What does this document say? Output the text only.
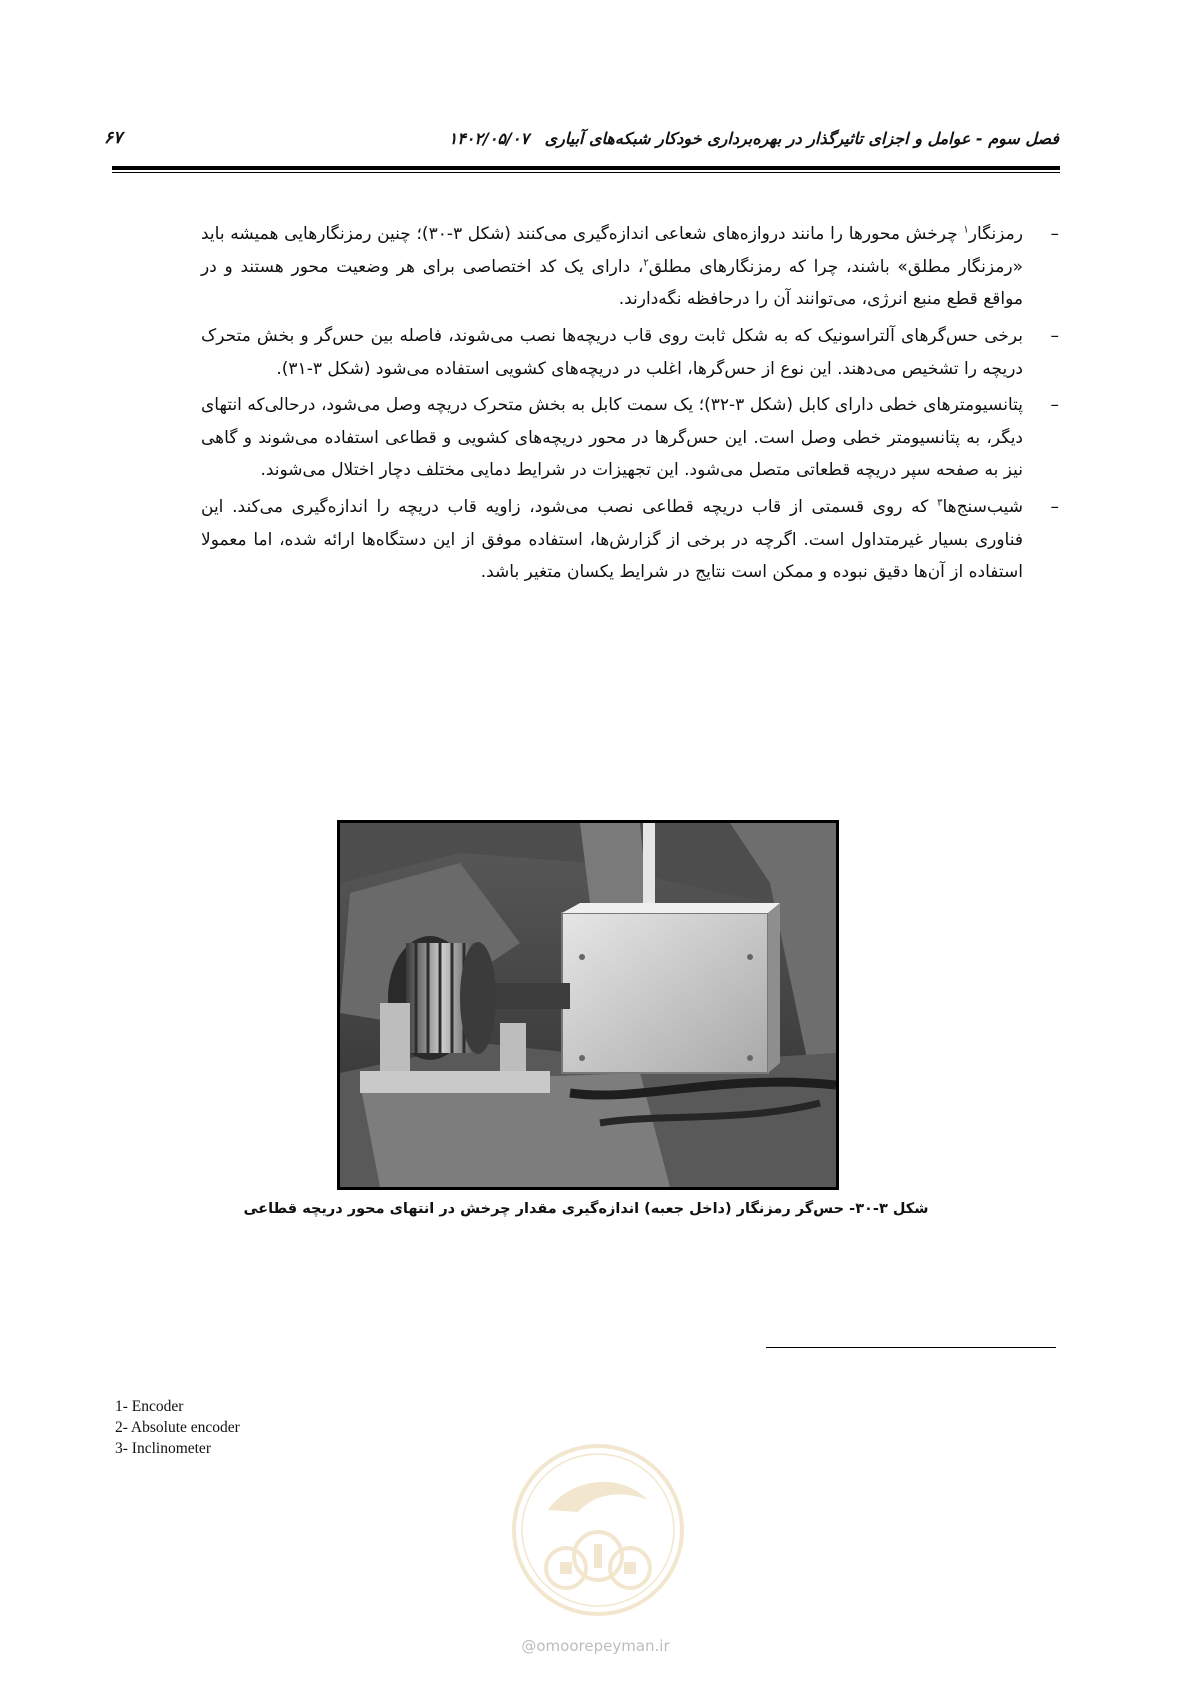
فصل سوم - عوامل و اجزای تاثیرگذار در بهره‌برداری خودکار شبکه‌های آبیاری ۱۴۰۲/۰۵/۰۷
۶۷

–
رمزنگار$^۱$ چرخش محورها را مانند دروازه‌های شعاعی اندازه‌گیری می‌کنند (شکل ۳-۳۰)؛ چنین رمزنگارهایی همیشه باید «رمزنگار مطلق» باشند، چرا که رمزنگارهای مطلق$^۲$، دارای یک کد اختصاصی برای هر وضعیت محور هستند و در مواقع قطع منبع انرژی، می‌توانند آن را درحافظه نگه‌دارند.

–
برخی حس‌گرهای آلتراسونیک که به شکل ثابت روی قاب دریچه‌ها نصب می‌شوند، فاصله بین حس‌گر و بخش متحرک دریچه را تشخیص می‌دهند. این نوع از حس‌گرها، اغلب در دریچه‌های کشویی استفاده می‌شود (شکل ۳-۳۱).

–
پتانسیومترهای خطی دارای کابل (شکل ۳-۳۲)؛ یک سمت کابل به بخش متحرک دریچه وصل می‌شود، درحالی‌که انتهای دیگر، به پتانسیومتر خطی وصل است. این حس‌گرها در محور دریچه‌های کشویی و قطاعی استفاده می‌شوند و گاهی نیز به صفحه سپر دریچه قطعاتی متصل می‌شود. این تجهیزات در شرایط دمایی مختلف دچار اختلال می‌شوند.

–
شیب‌سنج‌ها$^۳$ که روی قسمتی از قاب دریچه قطاعی نصب می‌شود، زاویه قاب دریچه را اندازه‌گیری می‌کند. این فناوری بسیار غیرمتداول است. اگرچه در برخی از گزارش‌ها، استفاده موفق از این دستگاه‌ها ارائه شده، اما معمولا استفاده از آن‌ها دقیق نبوده و ممکن است نتایج در شرایط یکسان متغیر باشد.

شکل ۳-۳۰- حس‌گر رمزنگار (داخل جعبه) اندازه‌گیری مقدار چرخش در انتهای محور دریچه قطاعی
1- Encoder
2- Absolute encoder
3- Inclinometer
@omoorepeyman.ir
